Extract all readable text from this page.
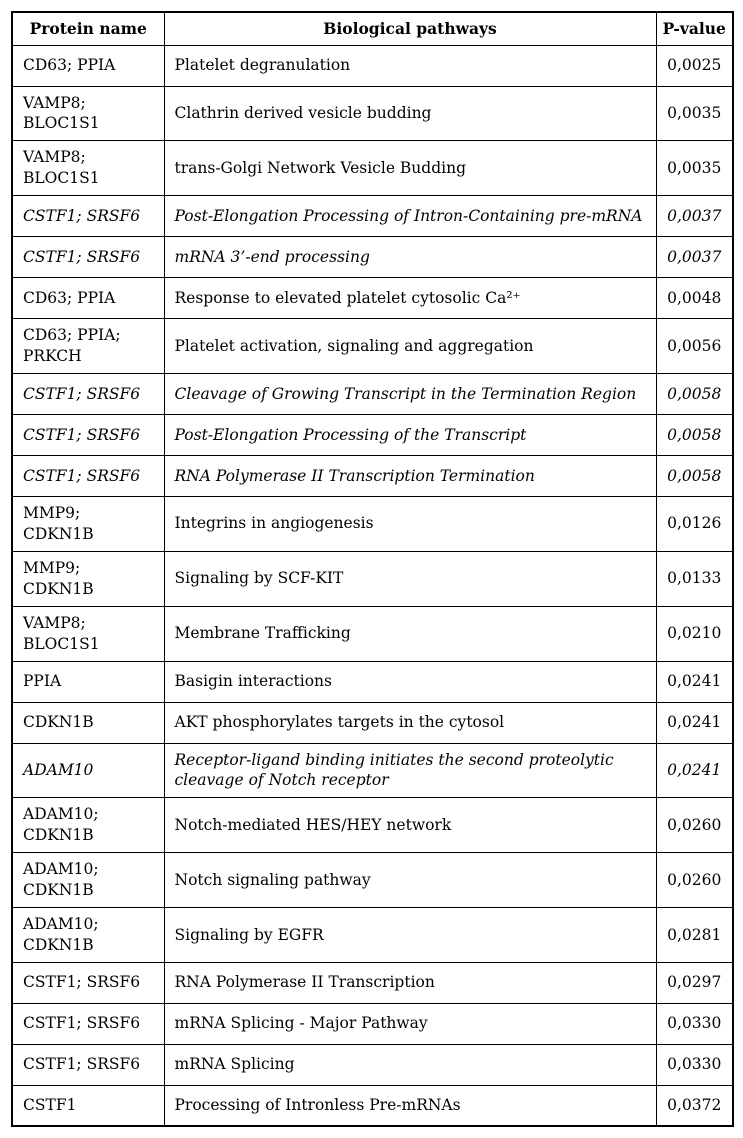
Protein name	Biological pathways	P-value
CD63; PPIA	Platelet degranulation	0,0025
VAMP8; BLOC1S1	Clathrin derived vesicle budding	0,0035
VAMP8; BLOC1S1	trans-Golgi Network Vesicle Budding	0,0035
CSTF1; SRSF6	Post-Elongation Processing of Intron-Containing pre-mRNA	0,0037
CSTF1; SRSF6	mRNA 3’-end processing	0,0037
CD63; PPIA	Response to elevated platelet cytosolic Ca²⁺	0,0048
CD63; PPIA; PRKCH	Platelet activation, signaling and aggregation	0,0056
CSTF1; SRSF6	Cleavage of Growing Transcript in the Termination Region	0,0058
CSTF1; SRSF6	Post-Elongation Processing of the Transcript	0,0058
CSTF1; SRSF6	RNA Polymerase II Transcription Termination	0,0058
MMP9; CDKN1B	Integrins in angiogenesis	0,0126
MMP9; CDKN1B	Signaling by SCF-KIT	0,0133
VAMP8; BLOC1S1	Membrane Trafficking	0,0210
PPIA	Basigin interactions	0,0241
CDKN1B	AKT phosphorylates targets in the cytosol	0,0241
ADAM10	Receptor-ligand binding initiates the second proteolytic cleavage of Notch receptor	0,0241
ADAM10; CDKN1B	Notch-mediated HES/HEY network	0,0260
ADAM10; CDKN1B	Notch signaling pathway	0,0260
ADAM10; CDKN1B	Signaling by EGFR	0,0281
CSTF1; SRSF6	RNA Polymerase II Transcription	0,0297
CSTF1; SRSF6	mRNA Splicing - Major Pathway	0,0330
CSTF1; SRSF6	mRNA Splicing	0,0330
CSTF1	Processing of Intronless Pre-mRNAs	0,0372
